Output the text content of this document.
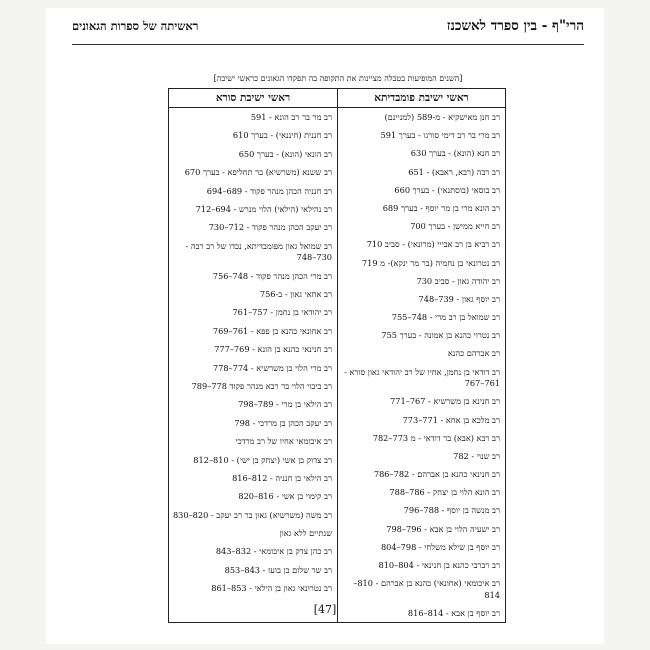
הרי"ף - בין ספרד לאשכנז
ראשיתה של ספרות הגאונים
[השנים המופיעות בטבלה מציינות את התקופה בה תפקדו הגאונים כראשי ישיבה]
ראשי ישיבת פומבדיתא
רב חנן מאישקיא - מ-589 (למניינם)
רב מרי בר רב דימי סורגו - בערך 591
רב חנא (הונא) - בערך 630
רב רבה (רבא, ראבא) - 651
רב בוסאי (בוסתנאי) - בערך 660
רב הונא מרי בן מר יוסף - בערך 689
רב חייא ממישן - בערך 700
רב רביא בן רב אבייי (מרונאי) - סביב 710
רב נטרונאי בן נחמיה (בר מר ינקא)- מ 719
רב יהודה גאון - סביב 730
רב יוסף גאון - 739–748
רב שמואל בן רב מרי - 748–755
רב נטרוי כהנא בן אמונה - בערך 755
רב אברהם כהנא
רב דודאי בן נחמן, אחיו של רב יהודאי גאון סורא - 761–767
רב חנינא בן משרשיא - 767–771
רב מלכא בן אחא - 771–773
רב רבא (אבא) בר דודאי - מ 773–782
רב שנוי - 782
רב חנינאי כהנא בן אברהם - 782–786
רב הונא הלוי בן יצחק - 786–788
רב מנשה בן יוסף - 788–796
רב ישעיה הלוי בן אבא - 796–798
רב יוסף בן שילא משלחי - 798–804
רב רברבי כהנא בן חנינאי - 804–810
רב איכומאי (אחונאי) כהנא בן אברהם - 810–814
רב יוסף בן אבא - 814–816
ראשי ישיבת סורא
רב מר בר רב הונא - 591
רב חננית (חיננאי) - בערך 610
רב הונאי (הונא) - בערך 650
רב ששנא (משרשיא) בר תחליפא - בערך 670
רב חנניה הכהן מנהר פקוד - 689–694
רב נהילאי (הילאי) הלוי מנרש - 694–712
רב יעקב הכהן מנהר פקוד - 712–730
רב שמואל גאון מפומבדיתא, נכדו של רב רבה - 730–748
רב מרי הכהן מנהר פקוד - 748–756
רב אחאי גאון - ב-756
רב יהודאי בן נחמן - 757–761
רב אחונאי כהנא בן פפא - 761–769
רב חנינאי כהנא בן הונא - 769–777
רב מרי הלוי בן משרשיא - 774–778
רב ביבוי הלוי בר רבא מנהר פקוד 778–789
רב הילאי בן מרי - 789–798
רב יעקב הכהן בן מרדכי - 798
רב איבומאי אחיו של רב מרדכי
רב צדוק בן אשי (יצחק בן ישי) - 810–812
רב הילאי בן חנניה - 812–816
רב קימוי בן אשי - 816–820
רב משה (משרשיא) גאון בר רב יעקב - 820–830
שנתיים ללא גאון
רב כהן צדק בן איבומאי - 832–843
רב שר שלום בן בועז - 843–853
רב נטרונאי גאון בן הילאי - 853–861
[47]
